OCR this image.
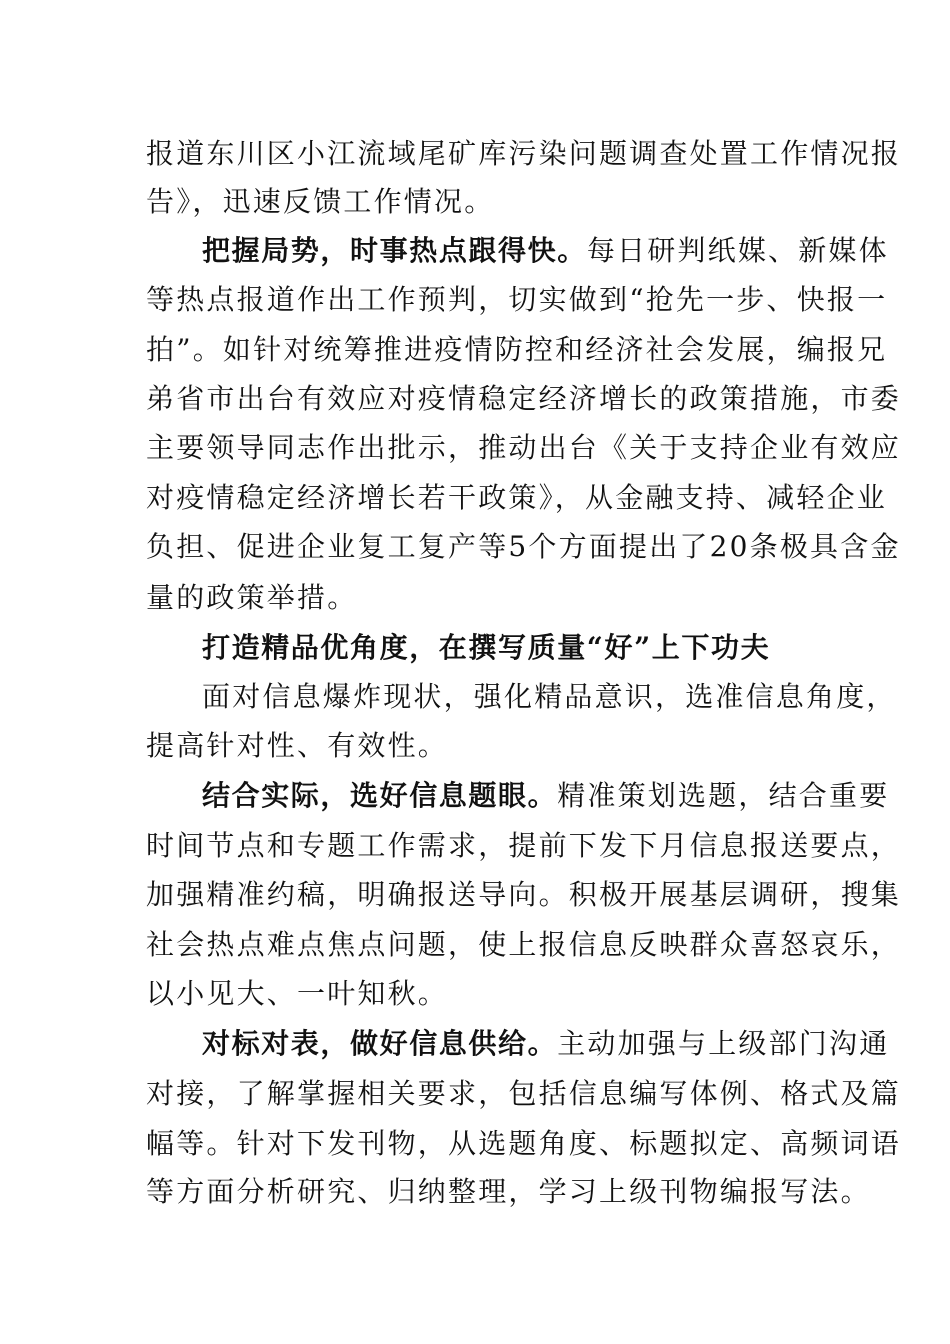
报道东川区小江流域尾矿库污染问题调查处置工作情况报
告》，迅速反馈工作情况。
把握局势，时事热点跟得快。每日研判纸媒、新媒体
等热点报道作出工作预判，切实做到“抢先一步、快报一
拍”。如针对统筹推进疫情防控和经济社会发展，编报兄
弟省市出台有效应对疫情稳定经济增长的政策措施，市委
主要领导同志作出批示，推动出台《关于支持企业有效应
对疫情稳定经济增长若干政策》，从金融支持、减轻企业
负担、促进企业复工复产等5个方面提出了20条极具含金
量的政策举措。
打造精品优角度，在撰写质量“好”上下功夫
面对信息爆炸现状，强化精品意识，选准信息角度，
提高针对性、有效性。
结合实际，选好信息题眼。精准策划选题，结合重要
时间节点和专题工作需求，提前下发下月信息报送要点，
加强精准约稿，明确报送导向。积极开展基层调研，搜集
社会热点难点焦点问题，使上报信息反映群众喜怒哀乐，
以小见大、一叶知秋。
对标对表，做好信息供给。主动加强与上级部门沟通
对接，了解掌握相关要求，包括信息编写体例、格式及篇
幅等。针对下发刊物，从选题角度、标题拟定、高频词语
等方面分析研究、归纳整理，学习上级刊物编报写法。
